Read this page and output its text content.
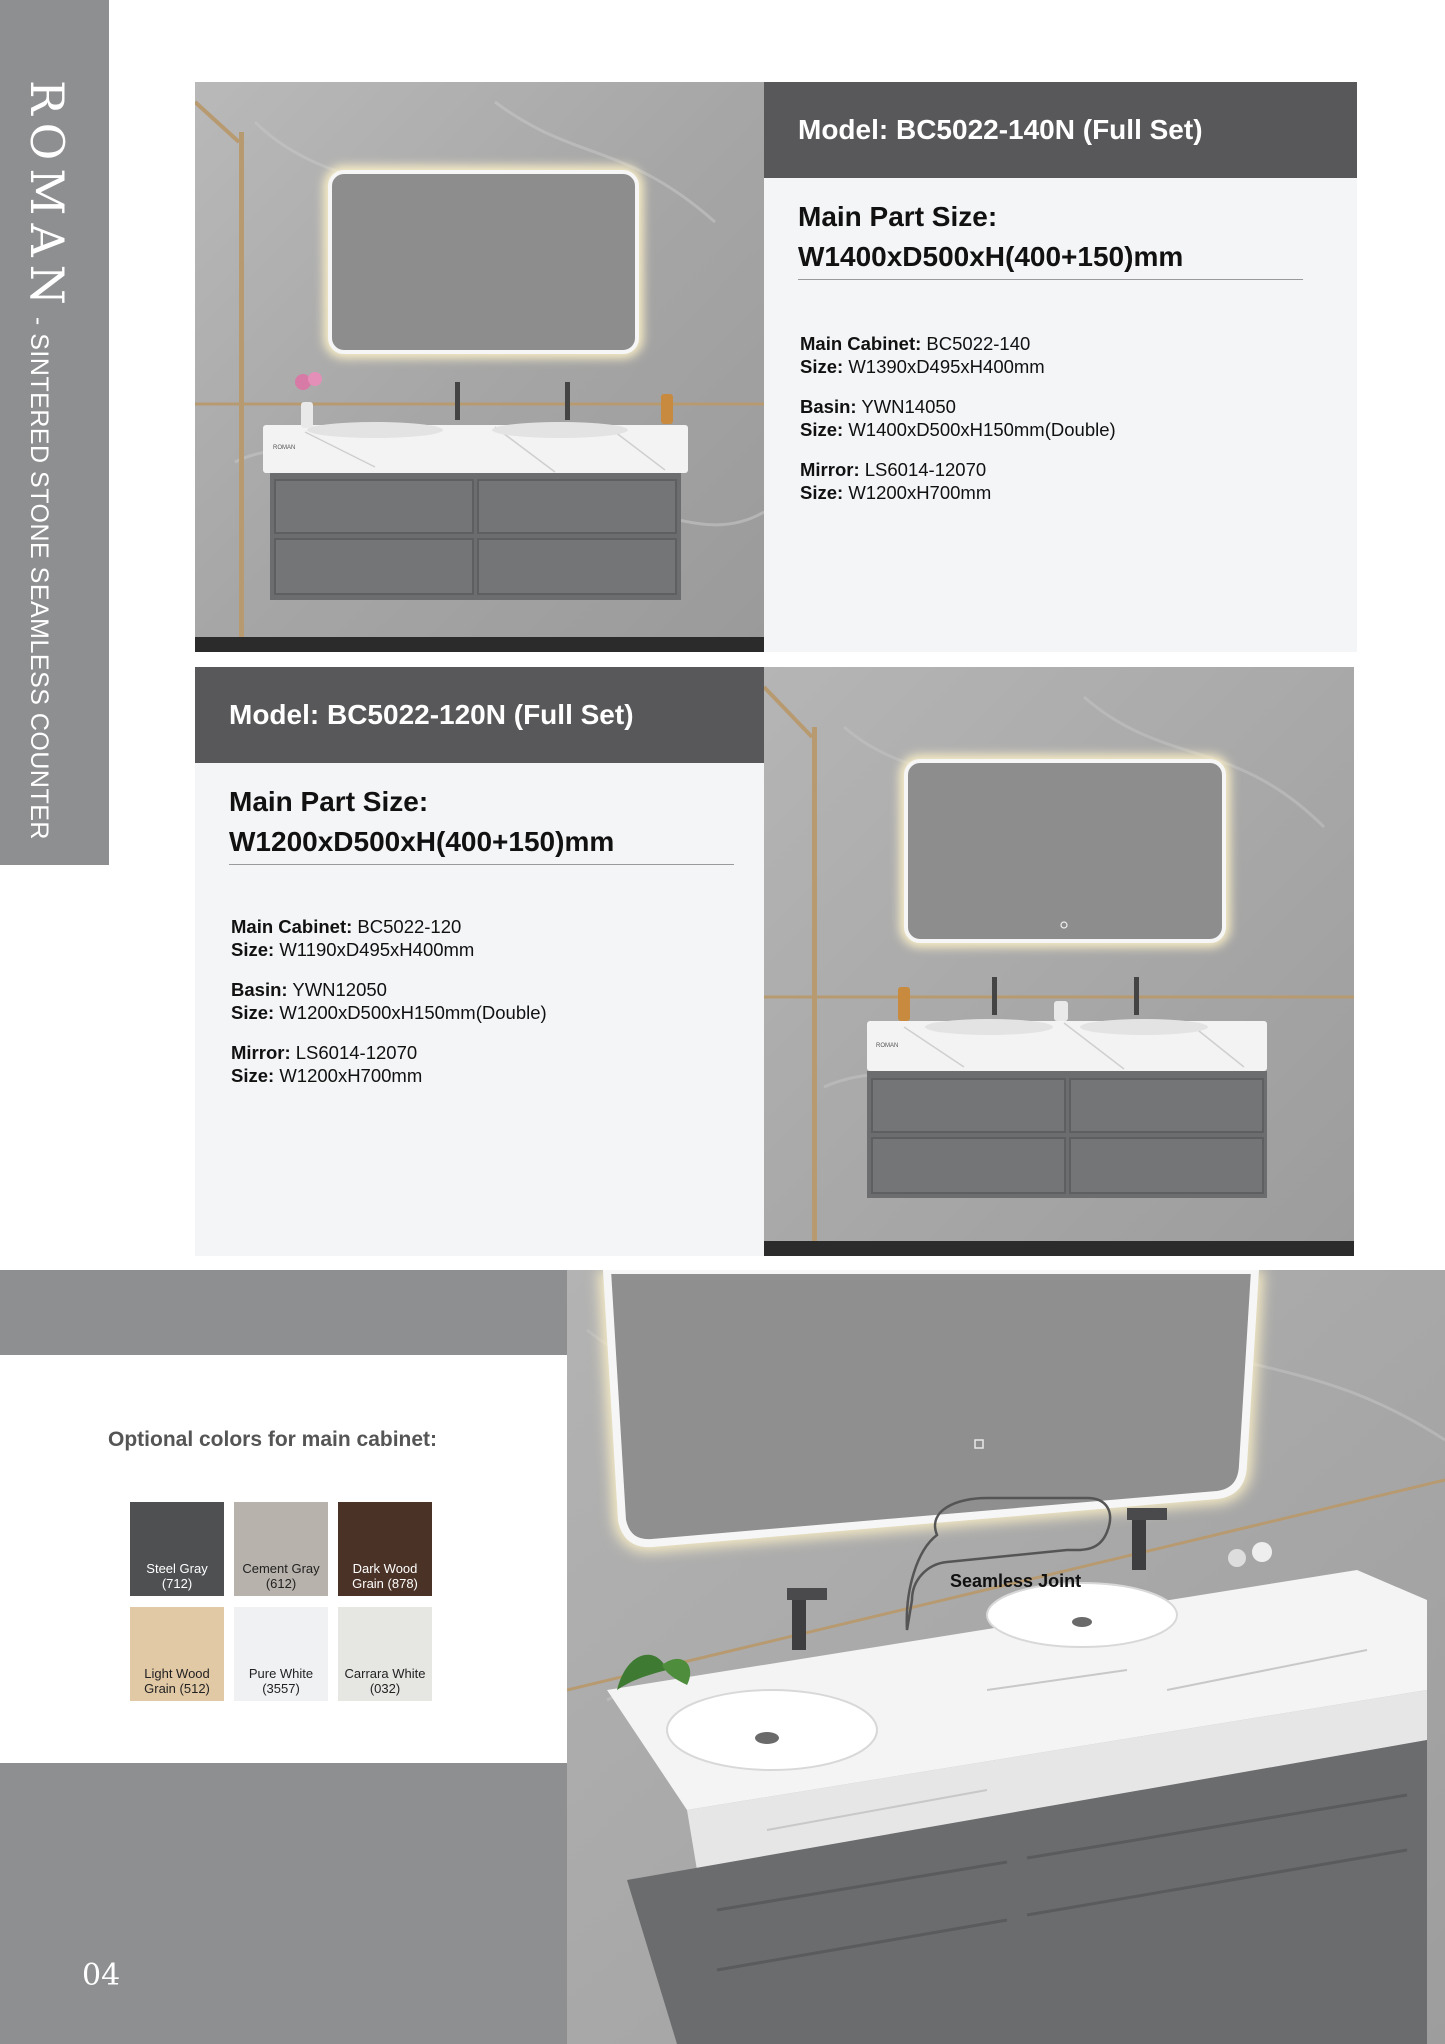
ROMAN
- SINTERED STONE SEAMLESS COUNTER	ROMAN
Model: BC5022-140N (Full Set)
Main Part Size:
W1400xD500xH(400+150)mm
Main Cabinet: BC5022-140
Size: W1390xD495xH400mm
Basin: YWN14050
Size: W1400xD500xH150mm(Double)
Mirror: LS6014-12070
Size: W1200xH700mm
Model: BC5022-120N (Full Set)
Main Part Size:
W1200xD500xH(400+150)mm
Main Cabinet: BC5022-120
Size: W1190xD495xH400mm
Basin: YWN12050
Size: W1200xD500xH150mm(Double)
Mirror: LS6014-12070
Size: W1200xH700mm
ROMAN
Optional colors for main cabinet:
Steel Gray
(712)
Cement Gray
(612)
Dark Wood
Grain (878)
Light Wood
Grain (512)
Pure White
(3557)
Carrara White
(032)
04
Seamless Joint
